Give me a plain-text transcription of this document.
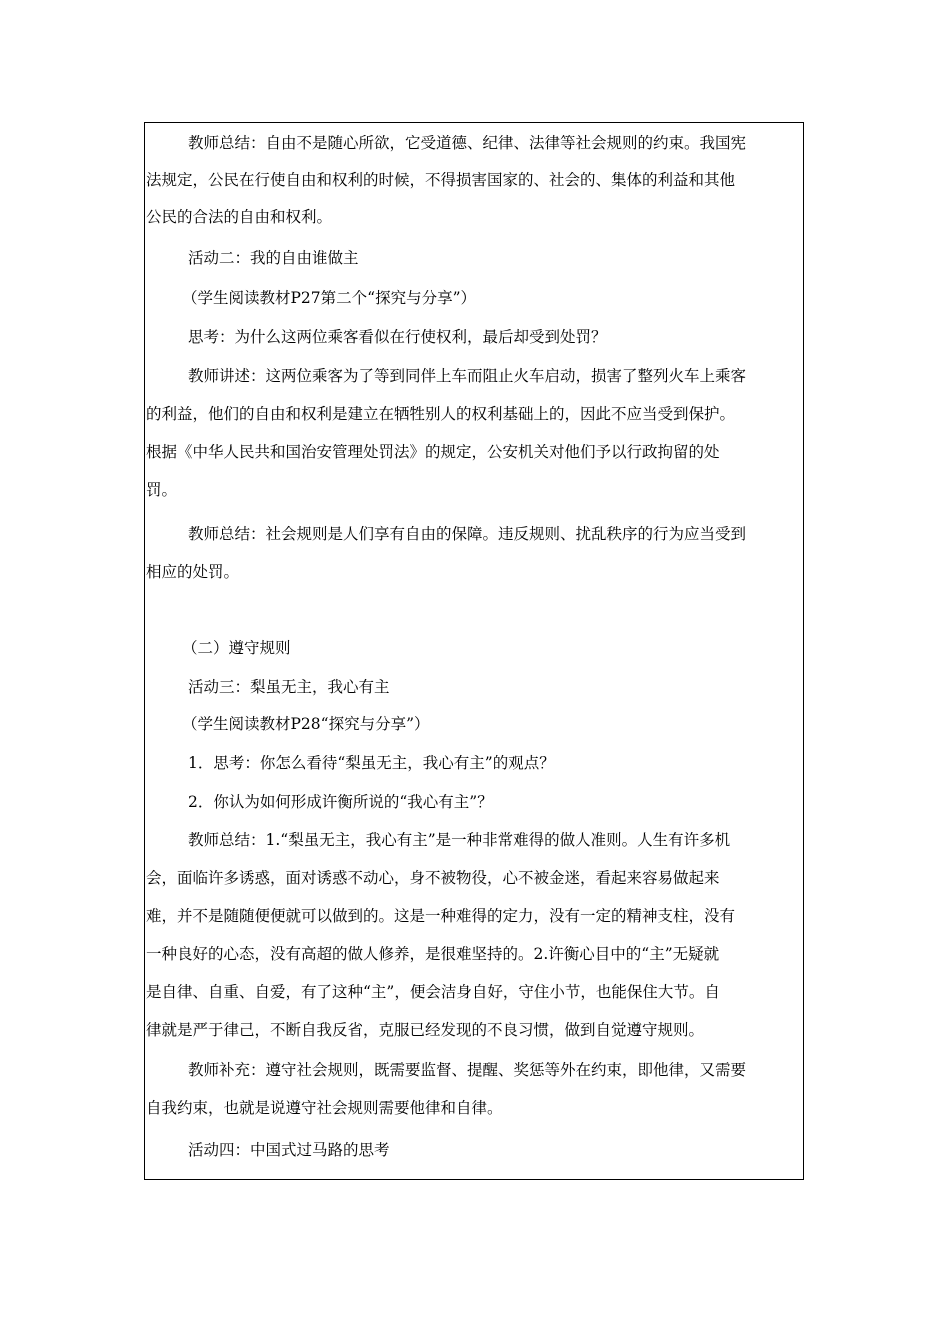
教师总结：自由不是随心所欲，它受道德、纪律、法律等社会规则的约束。我国宪

法规定，公民在行使自由和权利的时候，不得损害国家的、社会的、集体的利益和其他

公民的合法的自由和权利。

活动二：我的自由谁做主

（学生阅读教材P27第二个“探究与分享”）

思考：为什么这两位乘客看似在行使权利，最后却受到处罚？

教师讲述：这两位乘客为了等到同伴上车而阻止火车启动，损害了整列火车上乘客

的利益，他们的自由和权利是建立在牺牲别人的权利基础上的，因此不应当受到保护。

根据《中华人民共和国治安管理处罚法》的规定，公安机关对他们予以行政拘留的处

罚。

教师总结：社会规则是人们享有自由的保障。违反规则、扰乱秩序的行为应当受到

相应的处罚。

（二）遵守规则

活动三：梨虽无主，我心有主

（学生阅读教材P28“探究与分享”）

1．思考：你怎么看待“梨虽无主，我心有主”的观点？

2．你认为如何形成许衡所说的“我心有主”？

教师总结：1.“梨虽无主，我心有主”是一种非常难得的做人准则。人生有许多机

会，面临许多诱惑，面对诱惑不动心，身不被物役，心不被金迷，看起来容易做起来

难，并不是随随便便就可以做到的。这是一种难得的定力，没有一定的精神支柱，没有

一种良好的心态，没有高超的做人修养，是很难坚持的。2.许衡心目中的“主”无疑就

是自律、自重、自爱，有了这种“主”，便会洁身自好，守住小节，也能保住大节。自

律就是严于律己，不断自我反省，克服已经发现的不良习惯，做到自觉遵守规则。

教师补充：遵守社会规则，既需要监督、提醒、奖惩等外在约束，即他律，又需要

自我约束，也就是说遵守社会规则需要他律和自律。

活动四：中国式过马路的思考
